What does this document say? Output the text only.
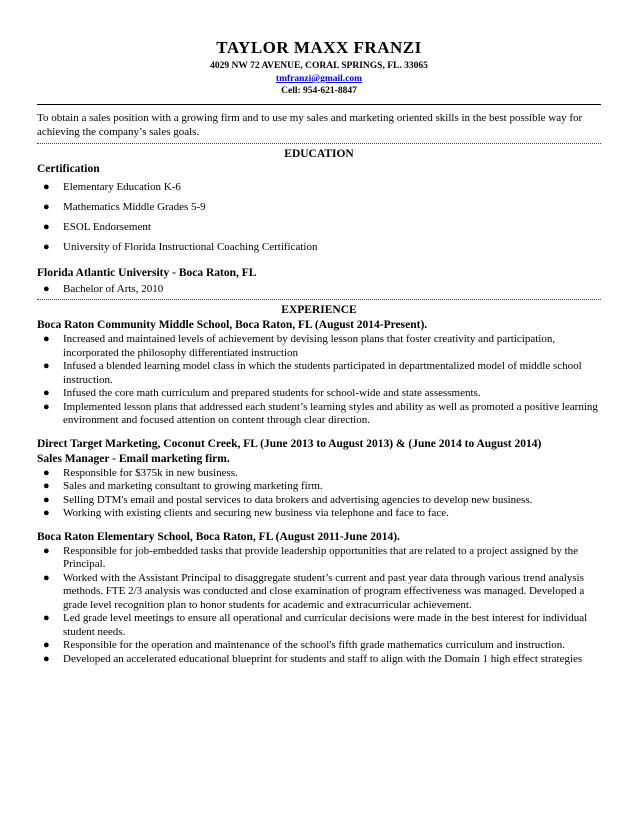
TAYLOR MAXX FRANZI
4029 NW 72 AVENUE, CORAL SPRINGS, FL. 33065
tmfranzi@gmail.com
Cell: 954-621-8847
To obtain a sales position with a growing firm and to use my sales and marketing oriented skills in the best possible way for achieving the company’s sales goals.
EDUCATION
Certification
● Elementary Education K-6
● Mathematics Middle Grades 5-9
● ESOL Endorsement
● University of Florida Instructional Coaching Certification
Florida Atlantic University - Boca Raton, FL
● Bachelor of Arts, 2010
EXPERIENCE
Boca Raton Community Middle School, Boca Raton, FL (August 2014-Present).
● Increased and maintained levels of achievement by devising lesson plans that foster creativity and participation, incorporated the philosophy differentiated instruction
● Infused a blended learning model class in which the students participated in departmentalized model of middle school instruction.
● Infused the core math curriculum and prepared students for school-wide and state assessments.
● Implemented lesson plans that addressed each student’s learning styles and ability as well as promoted a positive learning environment and focused attention on content through clear direction.
Direct Target Marketing, Coconut Creek, FL (June 2013 to August 2013) & (June 2014 to August 2014)
Sales Manager - Email marketing firm.
● Responsible for $375k in new business.
● Sales and marketing consultant to growing marketing firm.
● Selling DTM's email and postal services to data brokers and advertising agencies to develop new business.
● Working with existing clients and securing new business via telephone and face to face.
Boca Raton Elementary School, Boca Raton, FL (August 2011-June 2014).
● Responsible for job-embedded tasks that provide leadership opportunities that are related to a project assigned by the Principal.
● Worked with the Assistant Principal to disaggregate student’s current and past year data through various trend analysis methods. FTE 2/3 analysis was conducted and close examination of program effectiveness was managed. Developed a grade level recognition plan to honor students for academic and extracurricular achievement.
● Led grade level meetings to ensure all operational and curricular decisions were made in the best interest for individual student needs.
● Responsible for the operation and maintenance of the school's fifth grade mathematics curriculum and instruction.
● Developed an accelerated educational blueprint for students and staff to align with the Domain 1 high effect strategies
